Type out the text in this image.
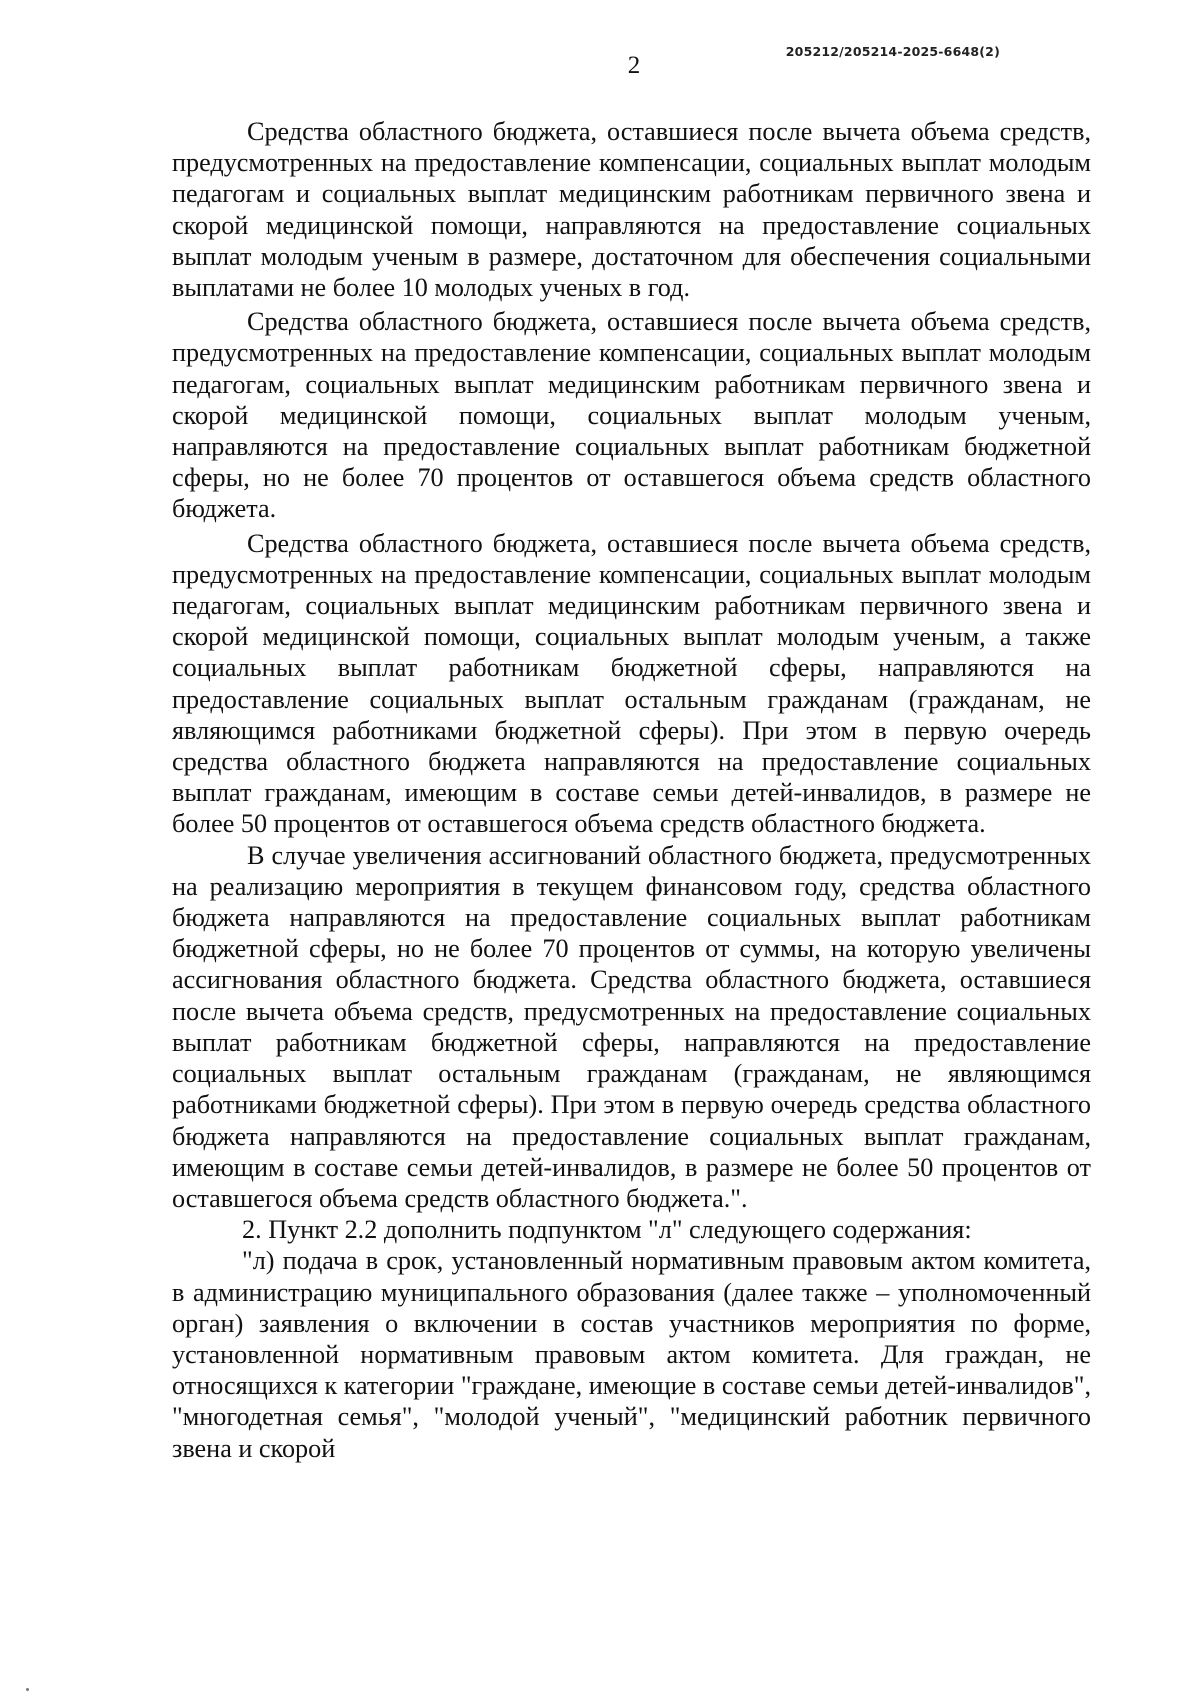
2
205212/205214-2025-6648(2)

Средства областного бюджета, оставшиеся после вычета объема средств, предусмотренных на предоставление компенсации, социальных выплат молодым педагогам и социальных выплат медицинским работникам первичного звена и скорой медицинской помощи, направляются на предоставление социальных выплат молодым ученым в размере, достаточном для обеспечения социальными выплатами не более 10 молодых ученых в год.

Средства областного бюджета, оставшиеся после вычета объема средств, предусмотренных на предоставление компенсации, социальных выплат молодым педагогам, социальных выплат медицинским работникам первичного звена и скорой медицинской помощи, социальных выплат молодым ученым, направляются на предоставление социальных выплат работникам бюджетной сферы, но не более 70 процентов от оставшегося объема средств областного бюджета.

Средства областного бюджета, оставшиеся после вычета объема средств, предусмотренных на предоставление компенсации, социальных выплат молодым педагогам, социальных выплат медицинским работникам первичного звена и скорой медицинской помощи, социальных выплат молодым ученым, а также социальных выплат работникам бюджетной сферы, направляются на предоставление социальных выплат остальным гражданам (гражданам, не являющимся работниками бюджетной сферы). При этом в первую очередь средства областного бюджета направляются на предоставление социальных выплат гражданам, имеющим в составе семьи детей-инвалидов, в размере не более 50 процентов от оставшегося объема средств областного бюджета.

В случае увеличения ассигнований областного бюджета, предусмотренных на реализацию мероприятия в текущем финансовом году, средства областного бюджета направляются на предоставление социальных выплат работникам бюджетной сферы, но не более 70 процентов от суммы, на которую увеличены ассигнования областного бюджета. Средства областного бюджета, оставшиеся после вычета объема средств, предусмотренных на предоставление социальных выплат работникам бюджетной сферы, направляются на предоставление социальных выплат остальным гражданам (гражданам, не являющимся работниками бюджетной сферы). При этом в первую очередь средства областного бюджета направляются на предоставление социальных выплат гражданам, имеющим в составе семьи детей-инвалидов, в размере не более 50 процентов от оставшегося объема средств областного бюджета.".

2. Пункт 2.2 дополнить подпунктом "л" следующего содержания:

"л) подача в срок, установленный нормативным правовым актом комитета, в администрацию муниципального образования (далее также – уполномоченный орган) заявления о включении в состав участников мероприятия по форме, установленной нормативным правовым актом комитета. Для граждан, не относящихся к категории "граждане, имеющие в составе семьи детей-инвалидов", "многодетная семья", "молодой ученый", "медицинский работник первичного звена и скорой
